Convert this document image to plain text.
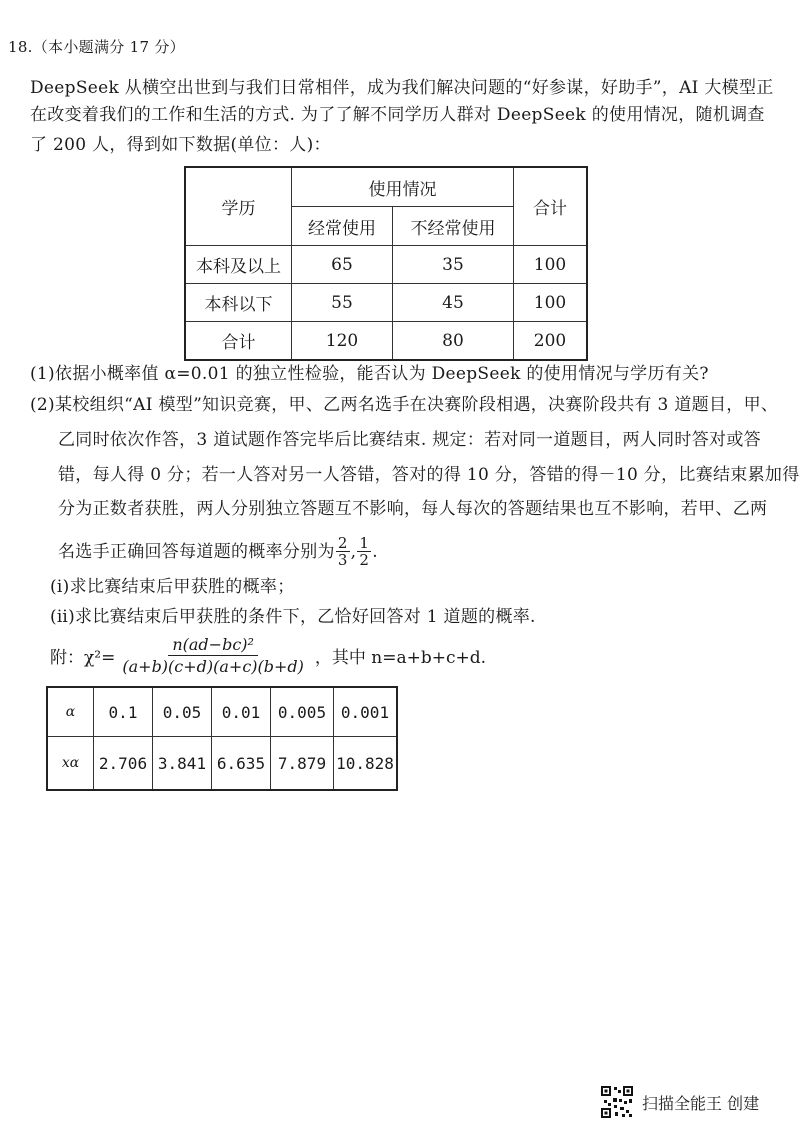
18.（本小题满分 17 分）
DeepSeek 从横空出世到与我们日常相伴，成为我们解决问题的“好参谋，好助手”，AI 大模型正
在改变着我们的工作和生活的方式. 为了了解不同学历人群对 DeepSeek 的使用情况，随机调查
了 200 人，得到如下数据(单位：人)：
学历	使用情况		合计
	经常使用	不经常使用	
本科及以上	65	35	100
本科以下	55	45	100
合计	120	80	200
(1)依据小概率值 α=0.01 的独立性检验，能否认为 DeepSeek 的使用情况与学历有关?
(2)某校组织“AI 模型”知识竞赛，甲、乙两名选手在决赛阶段相遇，决赛阶段共有 3 道题目，甲、
乙同时依次作答，3 道试题作答完毕后比赛结束. 规定：若对同一道题目，两人同时答对或答
错，每人得 0 分；若一人答对另一人答错，答对的得 10 分，答错的得－10 分，比赛结束累加得
分为正数者获胜，两人分别独立答题互不影响，每人每次的答题结果也互不影响，若甲、乙两
名选手正确回答每道题的概率分别为 $\frac{2}{3}$ , $\frac{1}{2}$ .
(ⅰ)求比赛结束后甲获胜的概率；
(ⅱ)求比赛结束后甲获胜的条件下，乙恰好回答对 1 道题的概率.
附：$\chi^2= \frac{\text{n(ad−bc)²}}{(a+b)(c+d)(a+c)(b+d)}$ ，其中 n=a+b+c+d.
α	0.1	0.05	0.01	0.005	0.001
xα	2.706	3.841	6.635	7.879	10.828
扫描全能王 创建
